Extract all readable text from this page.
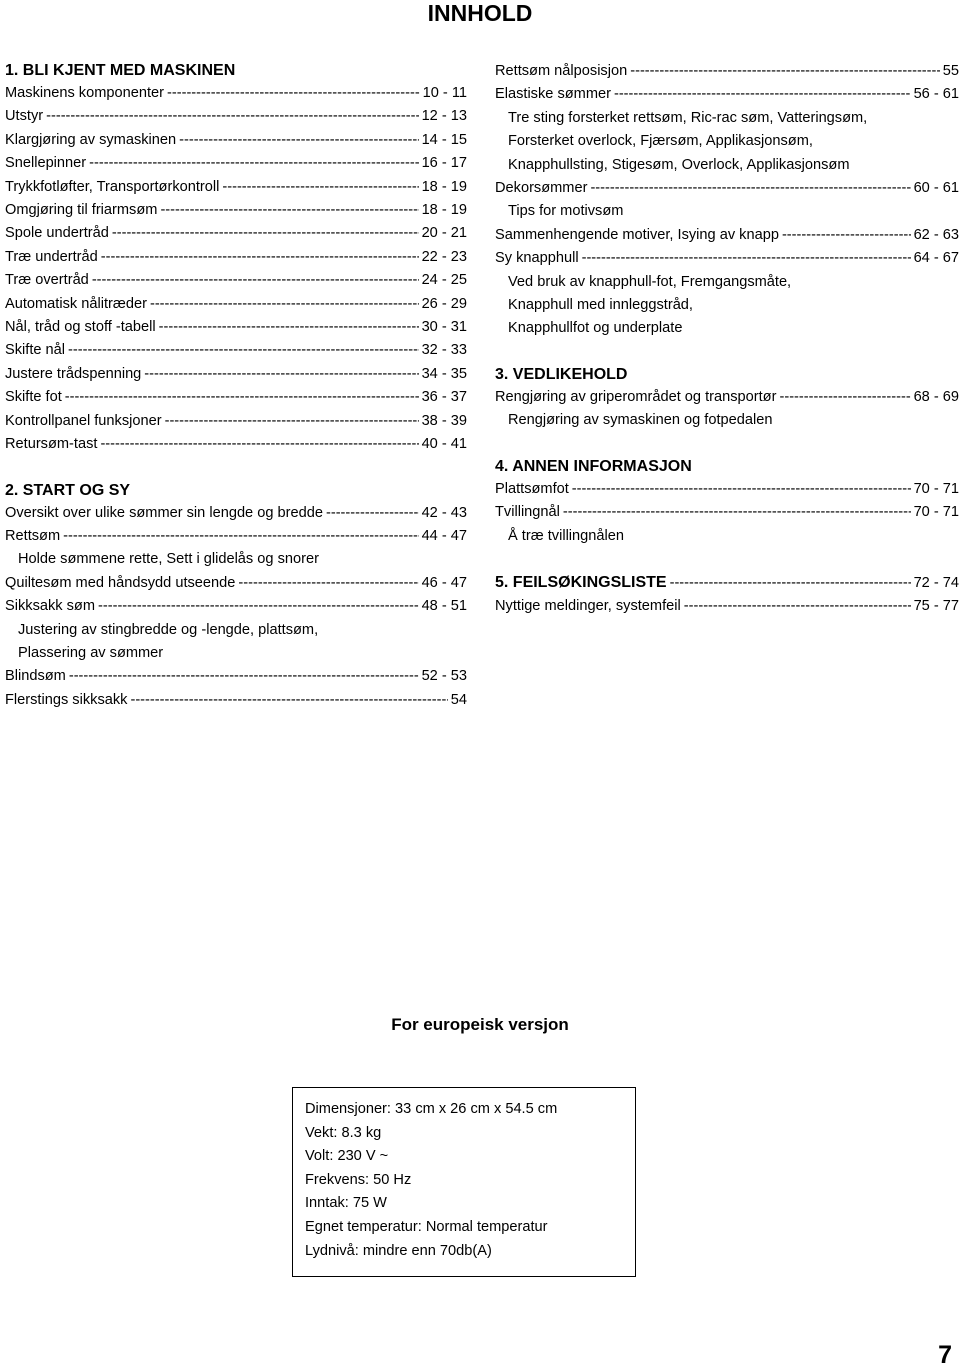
INNHOLD
1. BLI KJENT MED MASKINEN
Maskinens komponenter -----	10 - 11
Utstyr -----	12 - 13
Klargjøring av symaskinen -----	14 - 15
Snellepinner -----	16 - 17
Trykkfotløfter, Transportørkontroll -----	18 - 19
Omgjøring til friarmsøm -----	18 - 19
Spole undertråd -----	20 - 21
Træ undertråd -----	22 - 23
Træ overtråd -----	24 - 25
Automatisk nålitræder -----	26 - 29
Nål, tråd og stoff -tabell -----	30 - 31
Skifte nål -----	32 - 33
Justere trådspenning -----	34 - 35
Skifte fot -----	36 - 37
Kontrollpanel funksjoner -----	38 - 39
Retursøm-tast -----	40 - 41
2. START OG SY
Oversikt over ulike sømmer sin lengde og bredde -----	42 - 43
Rettsøm -----	44 - 47
Holde sømmene rette, Sett i glidelås og snorer
Quiltesøm med håndsydd utseende -----	46 - 47
Sikksakk søm -----	48 - 51
Justering av stingbredde og -lengde, plattsøm,
Plassering av sømmer
Blindsøm -----	52 - 53
Flerstings sikksakk -----	54
Rettsøm nålposisjon -----	55
Elastiske sømmer -----	56 - 61
Tre sting forsterket rettsøm, Ric-rac søm, Vatteringsøm,
Forsterket overlock, Fjærsøm, Applikasjonsøm,
Knapphullsting, Stigesøm, Overlock, Applikasjonsøm
Dekorsømmer -----	60 - 61
Tips for motivsøm
Sammenhengende motiver, Isying av knapp -----	62 - 63
Sy knapphull -----	64 - 67
Ved bruk av knapphull-fot, Fremgangsmåte,
Knapphull med innleggstråd,
Knapphullfot og underplate
3. VEDLIKEHOLD
Rengjøring av griperområdet og transportør -----	68 - 69
Rengjøring av symaskinen og fotpedalen
4. ANNEN INFORMASJON
Plattsømfot -----	70 - 71
Tvillingnål -----	70 - 71
Å træ tvillingnålen
5. FEILSØKINGSLISTE -----	72 - 74
Nyttige meldinger, systemfeil -----	75 - 77
For europeisk versjon
Dimensjoner: 33 cm x 26 cm x 54.5 cm
Vekt: 8.3 kg
Volt: 230 V ~
Frekvens: 50 Hz
Inntak: 75 W
Egnet temperatur: Normal temperatur
Lydnivå: mindre enn 70db(A)
7
